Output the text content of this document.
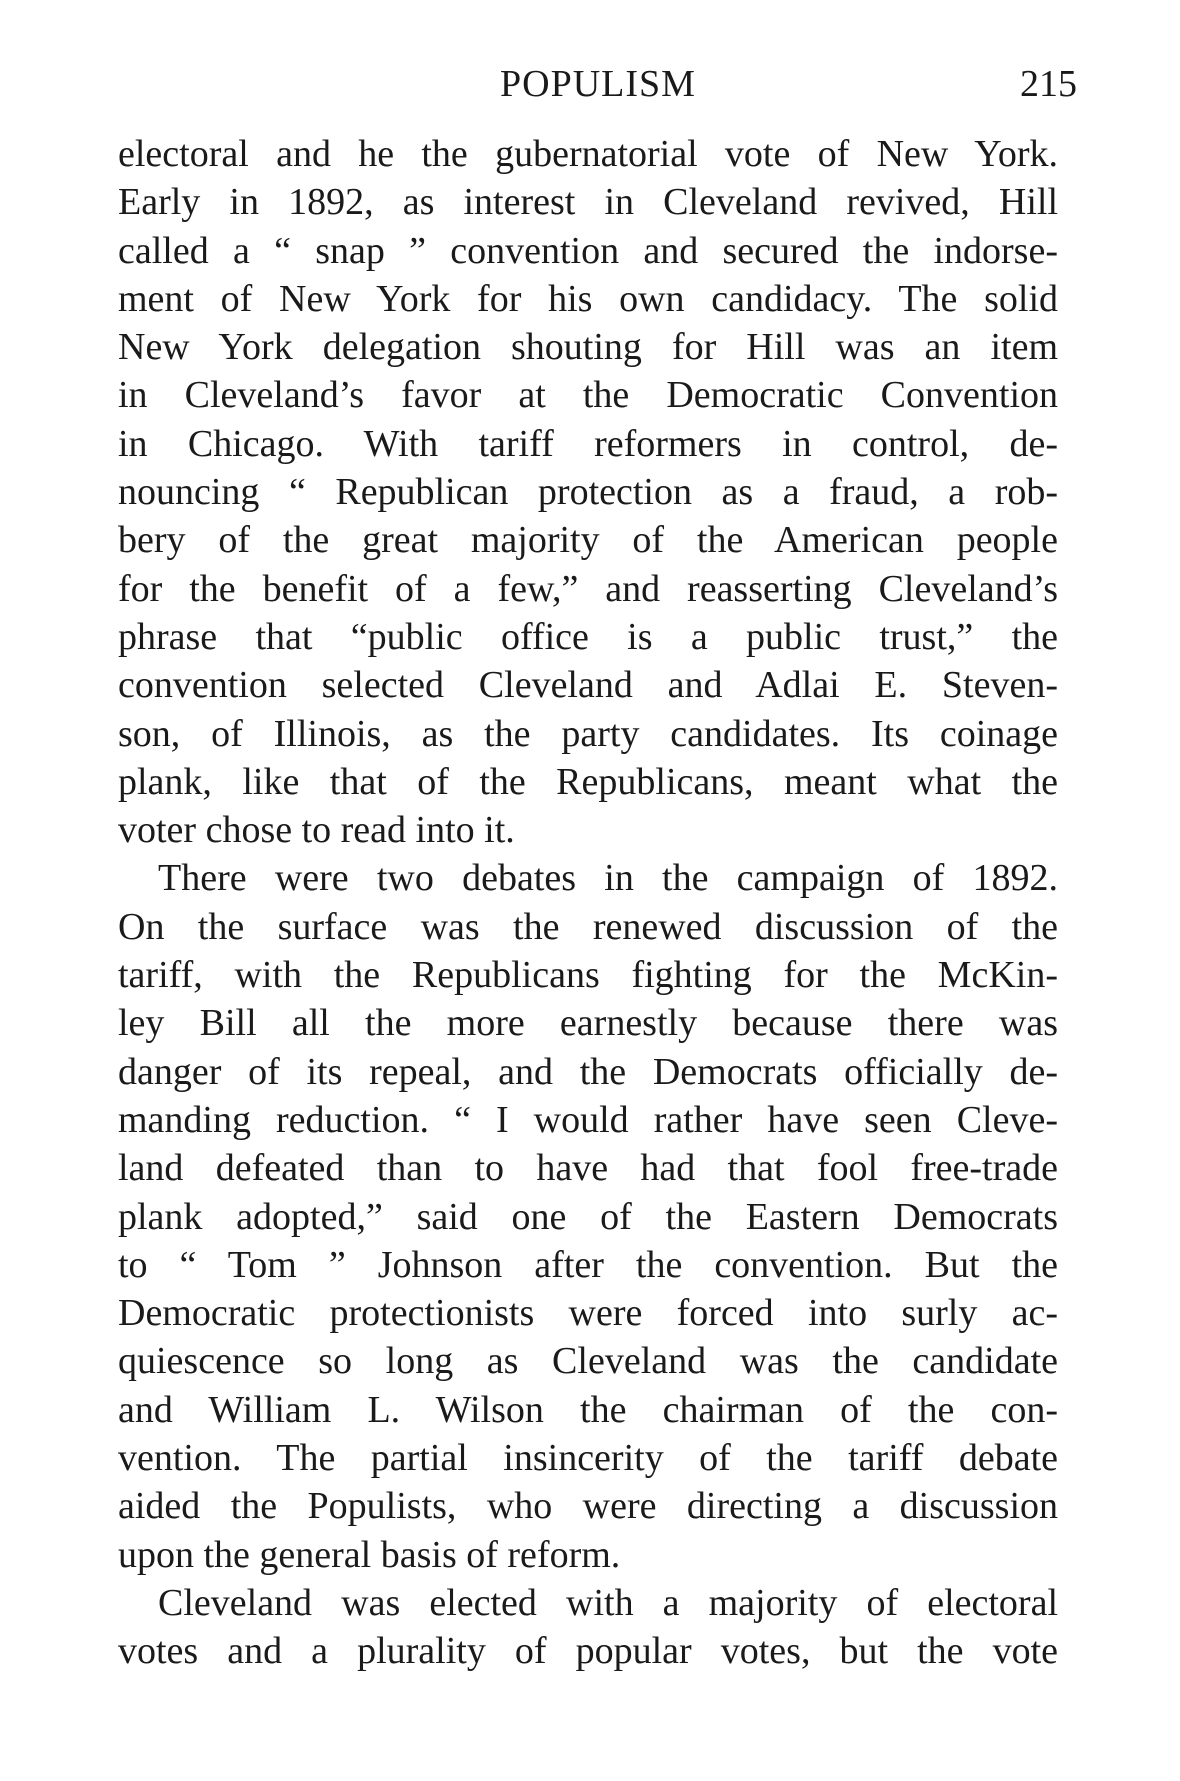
POPULISM	215
electoral and he the gubernatorial vote of New York.
Early in 1892, as interest in Cleveland revived, Hill
called a “ snap ” convention and secured the indorse-
ment of New York for his own candidacy. The solid
New York delegation shouting for Hill was an item
in Cleveland’s favor at the Democratic Convention
in Chicago. With tariff reformers in control, de-
nouncing “ Republican protection as a fraud, a rob-
bery of the great majority of the American people
for the benefit of a few,” and reasserting Cleveland’s
phrase that “public office is a public trust,” the
convention selected Cleveland and Adlai E. Steven-
son, of Illinois, as the party candidates. Its coinage
plank, like that of the Republicans, meant what the
voter chose to read into it.
There were two debates in the campaign of 1892.
On the surface was the renewed discussion of the
tariff, with the Republicans fighting for the McKin-
ley Bill all the more earnestly because there was
danger of its repeal, and the Democrats officially de-
manding reduction. “ I would rather have seen Cleve-
land defeated than to have had that fool free-trade
plank adopted,” said one of the Eastern Democrats
to “ Tom ” Johnson after the convention. But the
Democratic protectionists were forced into surly ac-
quiescence so long as Cleveland was the candidate
and William L. Wilson the chairman of the con-
vention. The partial insincerity of the tariff debate
aided the Populists, who were directing a discussion
upon the general basis of reform.
Cleveland was elected with a majority of electoral
votes and a plurality of popular votes, but the vote
